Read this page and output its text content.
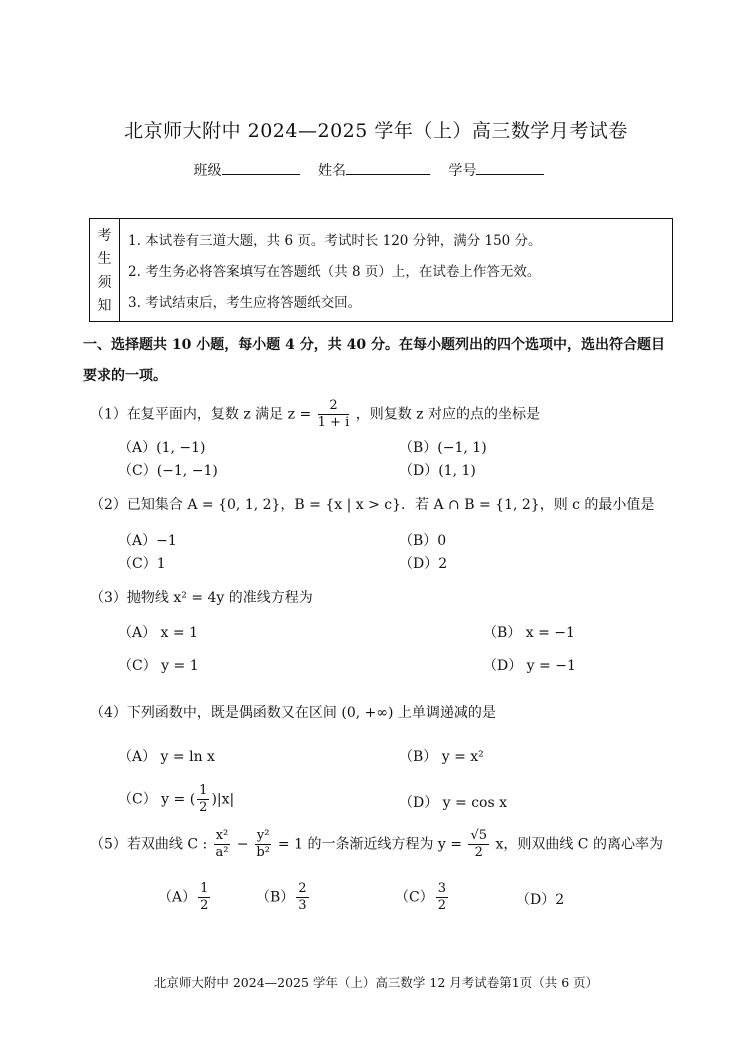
北京师大附中 2024—2025 学年（上）高三数学月考试卷
班级	姓名	学号
考
生
须
知
1. 本试卷有三道大题，共 6 页。考试时长 120 分钟，满分 150 分。
2. 考生务必将答案填写在答题纸（共 8 页）上，在试卷上作答无效。
3. 考试结束后，考生应将答题纸交回。
一、选择题共 10 小题，每小题 4 分，共 40 分。在每小题列出的四个选项中，选出符合题目要求的一项。
（1）在复平面内，复数 z 满足 $z = \frac{2}{1 + i}$ ，则复数 z 对应的点的坐标是
（A）(1, −1)	（B）(−1, 1)
（C）(−1, −1)	（D）(1, 1)
（2）已知集合 A = {0, 1, 2}，B = {x | x > c}．若 A ∩ B = {1, 2}，则 c 的最小值是
（A）−1	（B）0
（C）1	（D）2
（3）抛物线 x² = 4y 的准线方程为
（A） x = 1	（B） x = −1
（C） y = 1	（D） y = −1
（4）下列函数中，既是偶函数又在区间 (0, +∞) 上单调递减的是
（A） y = ln x	（B） y = x²
（C） y = ( $\frac{1}{2} )|x|$	（D） y = cos x
（5）若双曲线 C : $\frac{\text{x²}}{\text{a²}} - \frac{\text{y²}}{\text{b²}} = 1$ 的一条渐近线方程为 $y = \frac{√5}{2}$ x，则双曲线 C 的离心率为
$(A) \frac{1}{2}$	$(B) \frac{2}{3}$	$(C) \frac{3}{2}$	（D）2
北京师大附中 2024—2025 学年（上）高三数学 12 月考试卷第1页（共 6 页）
